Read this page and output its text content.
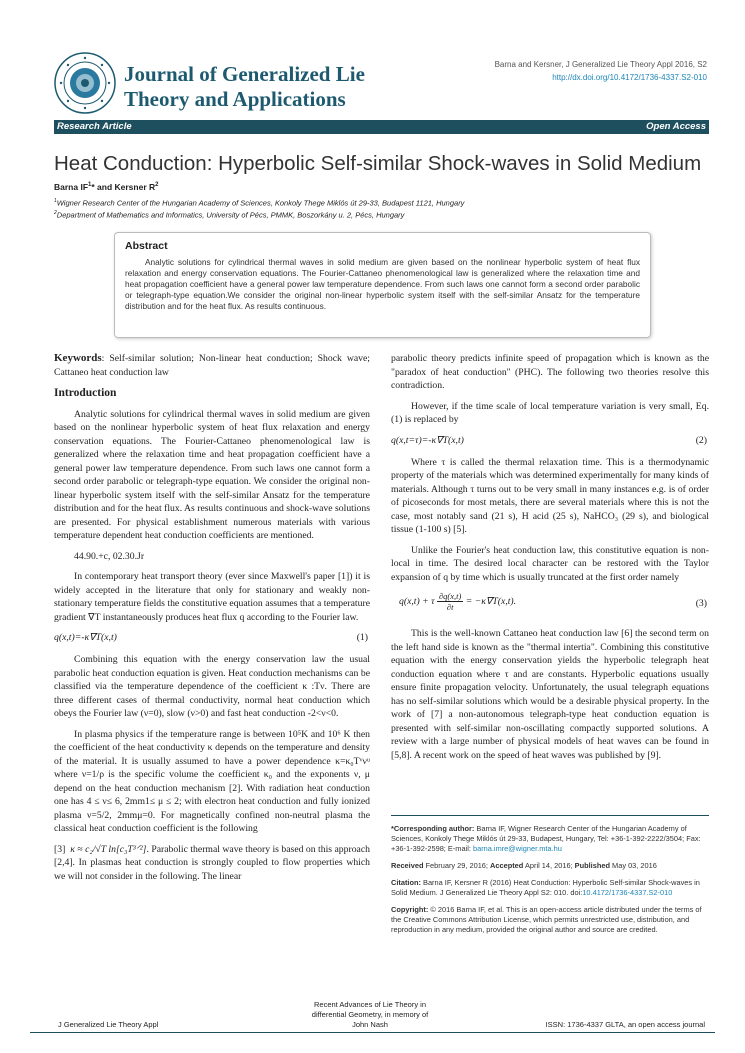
Journal of Generalized Lie
Theory and Applications
Barna and Kersner, J Generalized Lie Theory Appl 2016, S2
http://dx.doi.org/10.4172/1736-4337.S2-010
Research Article	Open Access
Heat Conduction: Hyperbolic Self-similar Shock-waves in Solid Medium
Barna $IF^1*$ and Kersner $R^2$
$^1$Wigner Research Center of the Hungarian Academy of Sciences, Konkoly Thege Miklós út 29-33, Budapest 1121, Hungary
$^2$Department of Mathematics and Informatics, University of Pécs, PMMK, Boszorkány u. 2, Pécs, Hungary
Abstract
Analytic solutions for cylindrical thermal waves in solid medium are given based on the nonlinear hyperbolic system of heat flux relaxation and energy conservation equations. The Fourier-Cattaneo phenomenological law is generalized where the relaxation time and heat propagation coefficient have a general power law temperature dependence. From such laws one cannot form a second order parabolic or telegraph-type equation.We consider the original non-linear hyperbolic system itself with the self-similar Ansatz for the temperature distribution and for the heat flux. As results continuous.
Keywords: Self-similar solution; Non-linear heat conduction; Shock wave; Cattaneo heat conduction law
Introduction

Analytic solutions for cylindrical thermal waves in solid medium are given based on the nonlinear hyperbolic system of heat flux relaxation and energy conservation equations. The Fourier-Cattaneo phenomenological law is generalized where the relaxation time and heat propagation coefficient have a general power law temperature dependence. From such laws one cannot form a second order parabolic or telegraph-type equation. We consider the original non-linear hyperbolic system itself with the self-similar Ansatz for the temperature distribution and for the heat flux. As results continuous and shock-wave solutions are presented. For physical establishment numerous materials with various temperature dependent heat conduction coefficients are mentioned.

44.90.+c, 02.30.Jr

In contemporary heat transport theory (ever since Maxwell's paper [1]) it is widely accepted in the literature that only for stationary and weakly non-stationary temperature fields the constitutive equation assumes that a temperature gradient ∇T instantaneously produces heat flux q according to the Fourier law.

q(x,t)=-κ∇T(x,t)	(1)

Combining this equation with the energy conservation law the usual parabolic heat conduction equation is given. Heat conduction mechanisms can be classified via the temperature dependence of the coefficient κ :Tν. There are three different cases of thermal conductivity, normal heat conduction which obeys the Fourier law (ν=0), slow (ν>0) and fast heat conduction -2<ν<0.

In plasma physics if the temperature range is between 10⁵K and 10⁶ K then the coefficient of the heat conductivity κ depends on the temperature and density of the material. It is usually assumed to have a power dependence κ=κ₀Tᵛνᵘ where ν=1/ρ is the specific volume the coefficient κ₀ and the exponents ν, μ depend on the heat conduction mechanism [2]. With radiation heat conduction one has 4 ≤ ν≤ 6, 2mm1≤ μ ≤ 2; with electron heat conduction and fully ionized plasma ν=5/2, 2mmμ=0. For magnetically confined non-neutral plasma the classical heat conduction coefficient is the following

[3] κ ≈ c₂/√T ln[c₃T³ᐟ²]. Parabolic thermal wave theory is based on this approach [2,4]. In plasmas heat conduction is strongly coupled to flow properties which we will not consider in the following. The linear

parabolic theory predicts infinite speed of propagation which is known as the "paradox of heat conduction" (PHC). The following two theories resolve this contradiction.

However, if the time scale of local temperature variation is very small, Eq. (1) is replaced by

q(x,t=τ)=-κ∇T(x,t)	(2)

Where τ is called the thermal relaxation time. This is a thermodynamic property of the materials which was determined experimentally for many kinds of materials. Although τ turns out to be very small in many instances e.g. is of order of picoseconds for most metals, there are several materials where this is not the case, most notably sand (21 s), H acid (25 s), NaHCO₃ (29 s), and biological tissue (1-100 s) [5].

Unlike the Fourier's heat conduction law, this constitutive equation is non-local in time. The desired local character can be restored with the Taylor expansion of q by time which is usually truncated at the first order namely

q(x,t) + τ $\frac{\partial q(x,t)}{\partial t} = -\kappa\nabla T(x,t)$.	(3)

This is the well-known Cattaneo heat conduction law [6] the second term on the left hand side is known as the "thermal intertia". Combining this constitutive equation with the energy conservation yields the hyperbolic telegraph heat conduction equation where τ and are constants. Hyperbolic equations usually ensure finite propagation velocity. Unfortunately, the usual telegraph equations has no self-similar solutions which would be a desirable physical property. In the work of [7] a non-autonomous telegraph-type heat conduction equation is presented with self-similar non-oscillating compactly supported solutions. A review with a large number of physical models of heat waves can be found in [5,8]. A recent work on the speed of heat waves was published by [9].

*Corresponding author: Barna IF, Wigner Research Center of the Hungarian Academy of Sciences, Konkoly Thege Miklós út 29-33, Budapest, Hungary, Tel: +36-1-392-2222/3504; Fax: +36-1-392-2598; E-mail: barna.imre@wigner.mta.hu

Received February 29, 2016; Accepted April 14, 2016; Published May 03, 2016

Citation: Barna IF, Kersner R (2016) Heat Conduction: Hyperbolic Self-similar Shock-waves in Solid Medium. J Generalized Lie Theory Appl S2: 010. doi:10.4172/1736-4337.S2-010

Copyright: © 2016 Barna IF, et al. This is an open-access article distributed under the terms of the Creative Commons Attribution License, which permits unrestricted use, distribution, and reproduction in any medium, provided the original author and source are credited.

Recent Advances of Lie Theory in
differential Geometry, in memory of
John Nash
J Generalized Lie Theory Appl	ISSN: 1736-4337 GLTA, an open access journal
